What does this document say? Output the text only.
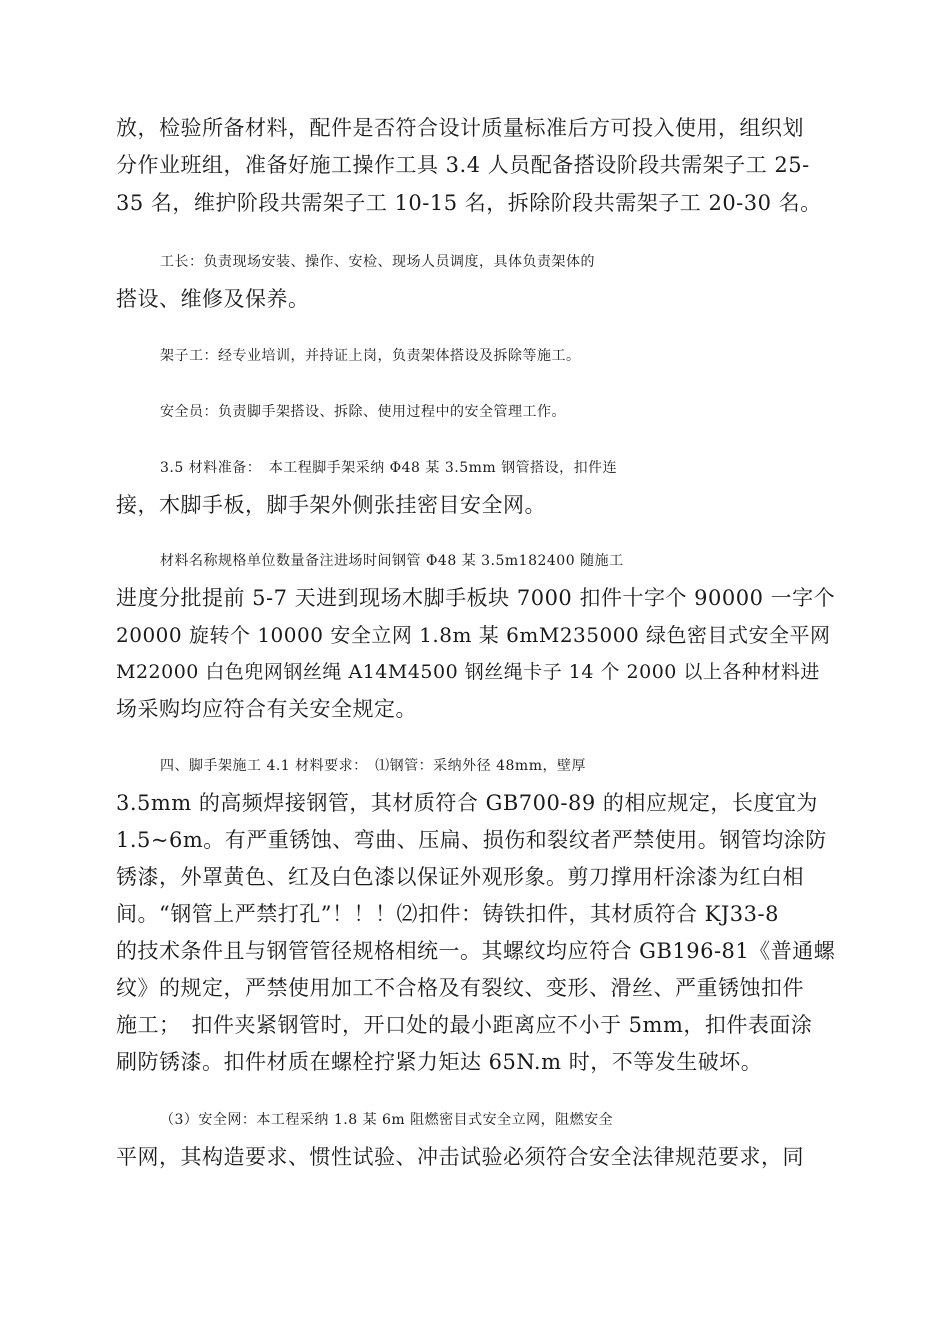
放，检验所备材料，配件是否符合设计质量标准后方可投入使用，组织划
分作业班组，准备好施工操作工具 3.4 人员配备搭设阶段共需架子工 25-
35 名，维护阶段共需架子工 10-15 名，拆除阶段共需架子工 20-30 名。
工长：负责现场安装、操作、安检、现场人员调度，具体负责架体的
搭设、维修及保养。
架子工：经专业培训，并持证上岗，负责架体搭设及拆除等施工。
安全员：负责脚手架搭设、拆除、使用过程中的安全管理工作。
3.5 材料准备：　本工程脚手架采纳 Φ48 某 3.5mm 钢管搭设，扣件连
接，木脚手板，脚手架外侧张挂密目安全网。
材料名称规格单位数量备注进场时间钢管 Φ48 某 3.5m182400 随施工
进度分批提前 5-7 天进到现场木脚手板块 7000 扣件十字个 90000 一字个
20000 旋转个 10000 安全立网 1.8m 某 6mM235000 绿色密目式安全平网
M22000 白色兜网钢丝绳 A14M4500 钢丝绳卡子 14 个 2000 以上各种材料进
场采购均应符合有关安全规定。
四、脚手架施工 4.1 材料要求：　⑴钢管：采纳外径 48mm，壁厚
3.5mm 的高频焊接钢管，其材质符合 GB700-89 的相应规定，长度宜为
1.5~6m。有严重锈蚀、弯曲、压扁、损伤和裂纹者严禁使用。钢管均涂防
锈漆，外罩黄色、红及白色漆以保证外观形象。剪刀撑用杆涂漆为红白相
间。“钢管上严禁打孔”！！！⑵扣件：铸铁扣件，其材质符合 KJ33-8
的技术条件且与钢管管径规格相统一。其螺纹均应符合 GB196-81《普通螺
纹》的规定，严禁使用加工不合格及有裂纹、变形、滑丝、严重锈蚀扣件
施工；　扣件夹紧钢管时，开口处的最小距离应不小于 5mm，扣件表面涂
刷防锈漆。扣件材质在螺栓拧紧力矩达 65N.m 时，不等发生破坏。
（3）安全网：本工程采纳 1.8 某 6m 阻燃密目式安全立网，阻燃安全
平网，其构造要求、惯性试验、冲击试验必须符合安全法律规范要求，同
